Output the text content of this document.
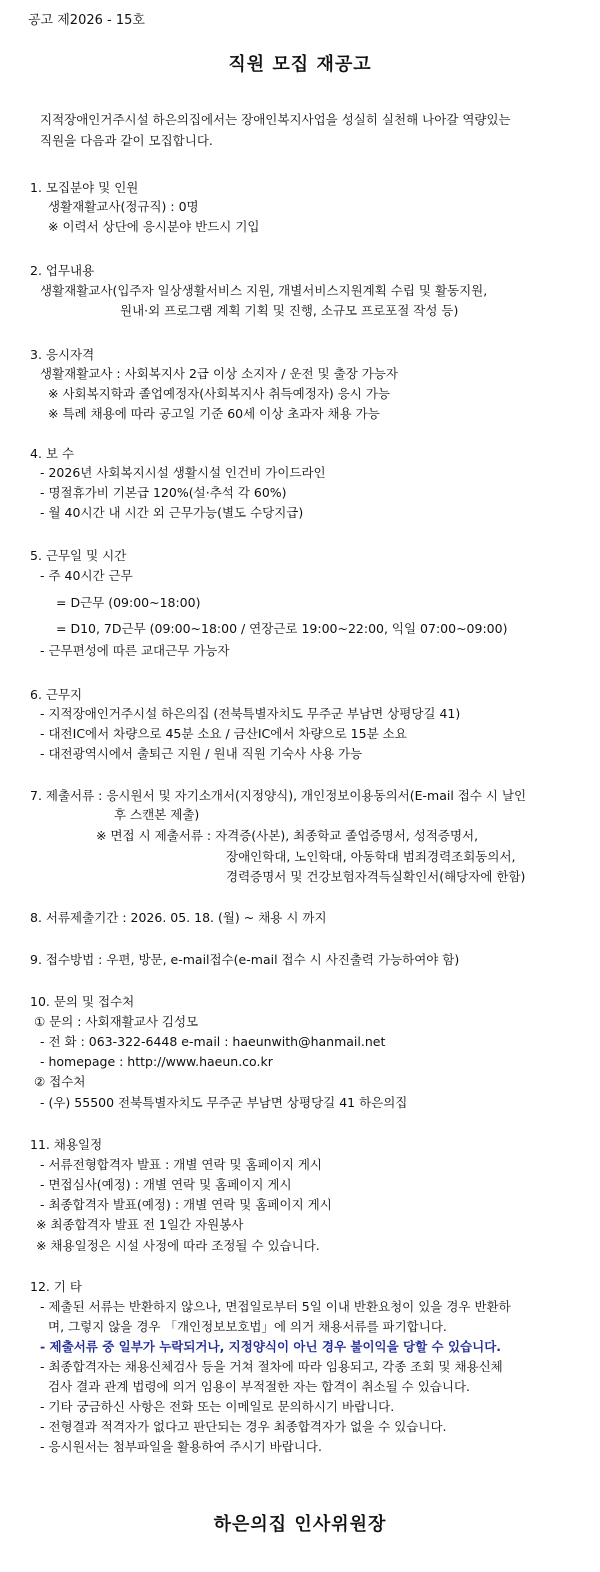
공고 제2026 - 15호
직원 모집 재공고
지적장애인거주시설 하은의집에서는 장애인복지사업을 성실히 실천해 나아갈 역량있는
직원을 다음과 같이 모집합니다.
1. 모집분야 및 인원
생활재활교사(정규직) : 0명
※ 이력서 상단에 응시분야 반드시 기입
2. 업무내용
생활재활교사(입주자 일상생활서비스 지원, 개별서비스지원계획 수립 및 활동지원,
원내·외 프로그램 계획 기획 및 진행, 소규모 프로포절 작성 등)
3. 응시자격
생활재활교사 : 사회복지사 2급 이상 소지자 / 운전 및 출장 가능자
※ 사회복지학과 졸업예정자(사회복지사 취득예정자) 응시 가능
※ 특례 채용에 따라 공고일 기준 60세 이상 초과자 채용 가능
4. 보 수
- 2026년 사회복지시설 생활시설 인건비 가이드라인
- 명절휴가비 기본급 120%(설·추석 각 60%)
- 월 40시간 내 시간 외 근무가능(별도 수당지급)
5. 근무일 및 시간
- 주 40시간 근무
= D근무 (09:00~18:00)
= D10, 7D근무 (09:00~18:00 / 연장근로 19:00~22:00, 익일 07:00~09:00)
- 근무편성에 따른 교대근무 가능자
6. 근무지
- 지적장애인거주시설 하은의집 (전북특별자치도 무주군 부남면 상평당길 41)
- 대전IC에서 차량으로 45분 소요 / 금산IC에서 차량으로 15분 소요
- 대전광역시에서 출퇴근 지원 / 원내 직원 기숙사 사용 가능
7. 제출서류 : 응시원서 및 자기소개서(지정양식), 개인정보이용동의서(E-mail 접수 시 날인
후 스캔본 제출)
※ 면접 시 제출서류 : 자격증(사본), 최종학교 졸업증명서, 성적증명서,
장애인학대, 노인학대, 아동학대 범죄경력조회동의서,
경력증명서 및 건강보험자격득실확인서(해당자에 한함)
8. 서류제출기간 : 2026. 05. 18. (월) ~ 채용 시 까지
9. 접수방법 : 우편, 방문, e-mail접수(e-mail 접수 시 사진출력 가능하여야 함)
10. 문의 및 접수처
① 문의 : 사회재활교사 김성모
- 전 화 : 063-322-6448 e-mail : haeunwith@hanmail.net
- homepage : http://www.haeun.co.kr
② 접수처
- (우) 55500 전북특별자치도 무주군 부남면 상평당길 41 하은의집
11. 채용일정
- 서류전형합격자 발표 : 개별 연락 및 홈페이지 게시
- 면접심사(예정) : 개별 연락 및 홈페이지 게시
- 최종합격자 발표(예정) : 개별 연락 및 홈페이지 게시
※ 최종합격자 발표 전 1일간 자원봉사
※ 채용일정은 시설 사정에 따라 조정될 수 있습니다.
12. 기 타
- 제출된 서류는 반환하지 않으나, 면접일로부터 5일 이내 반환요청이 있을 경우 반환하
며, 그렇지 않을 경우 「개인정보보호법」에 의거 채용서류를 파기합니다.
- 제출서류 중 일부가 누락되거나, 지정양식이 아닌 경우 불이익을 당할 수 있습니다.
- 최종합격자는 채용신체검사 등을 거쳐 절차에 따라 임용되고, 각종 조회 및 채용신체
검사 결과 관계 법령에 의거 임용이 부적절한 자는 합격이 취소될 수 있습니다.
- 기타 궁금하신 사항은 전화 또는 이메일로 문의하시기 바랍니다.
- 전형결과 적격자가 없다고 판단되는 경우 최종합격자가 없을 수 있습니다.
- 응시원서는 첨부파일을 활용하여 주시기 바랍니다.
하은의집 인사위원장
